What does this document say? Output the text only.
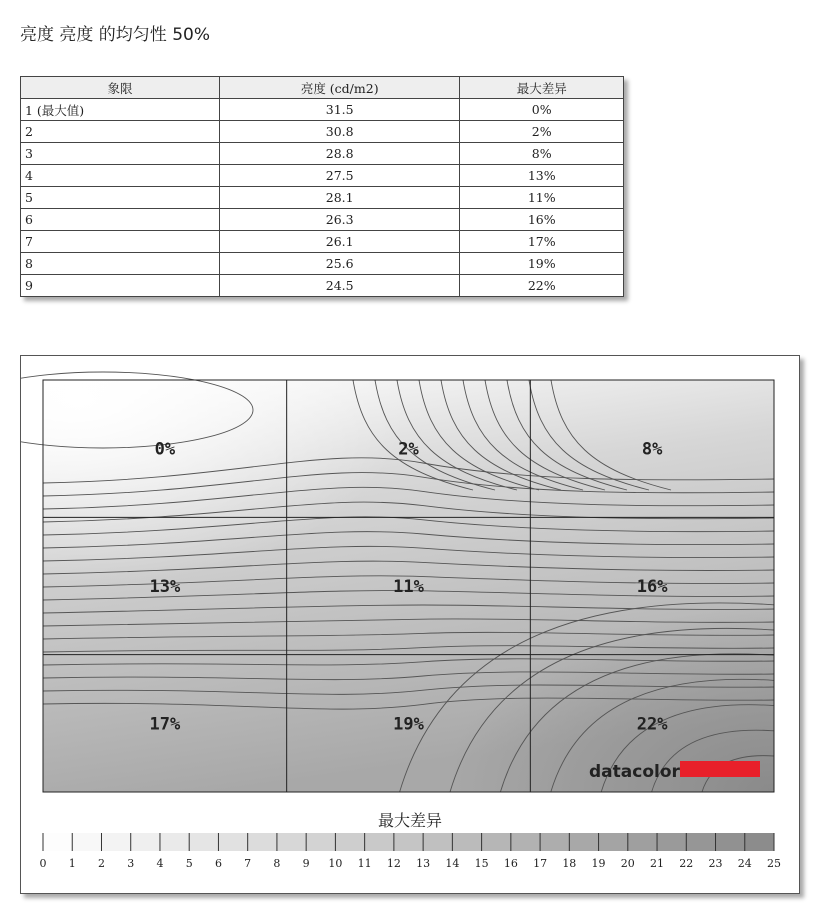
亮度 亮度 的均匀性 50%
象限	亮度 (cd/m2)	最大差异
1 (最大值)	31.5	0%
2	30.8	2%
3	28.8	8%
4	27.5	13%
5	28.1	11%
6	26.3	16%
7	26.1	17%
8	25.6	19%
9	24.5	22%
0%	2%	8%
13%	11%	16%
17%	19%	22%
datacolor
最大差异
0 1 2 3 4 5 6 7 8 9 10 11 12 13 14 15 16 17 18 19 20 21 22 23 24 25
